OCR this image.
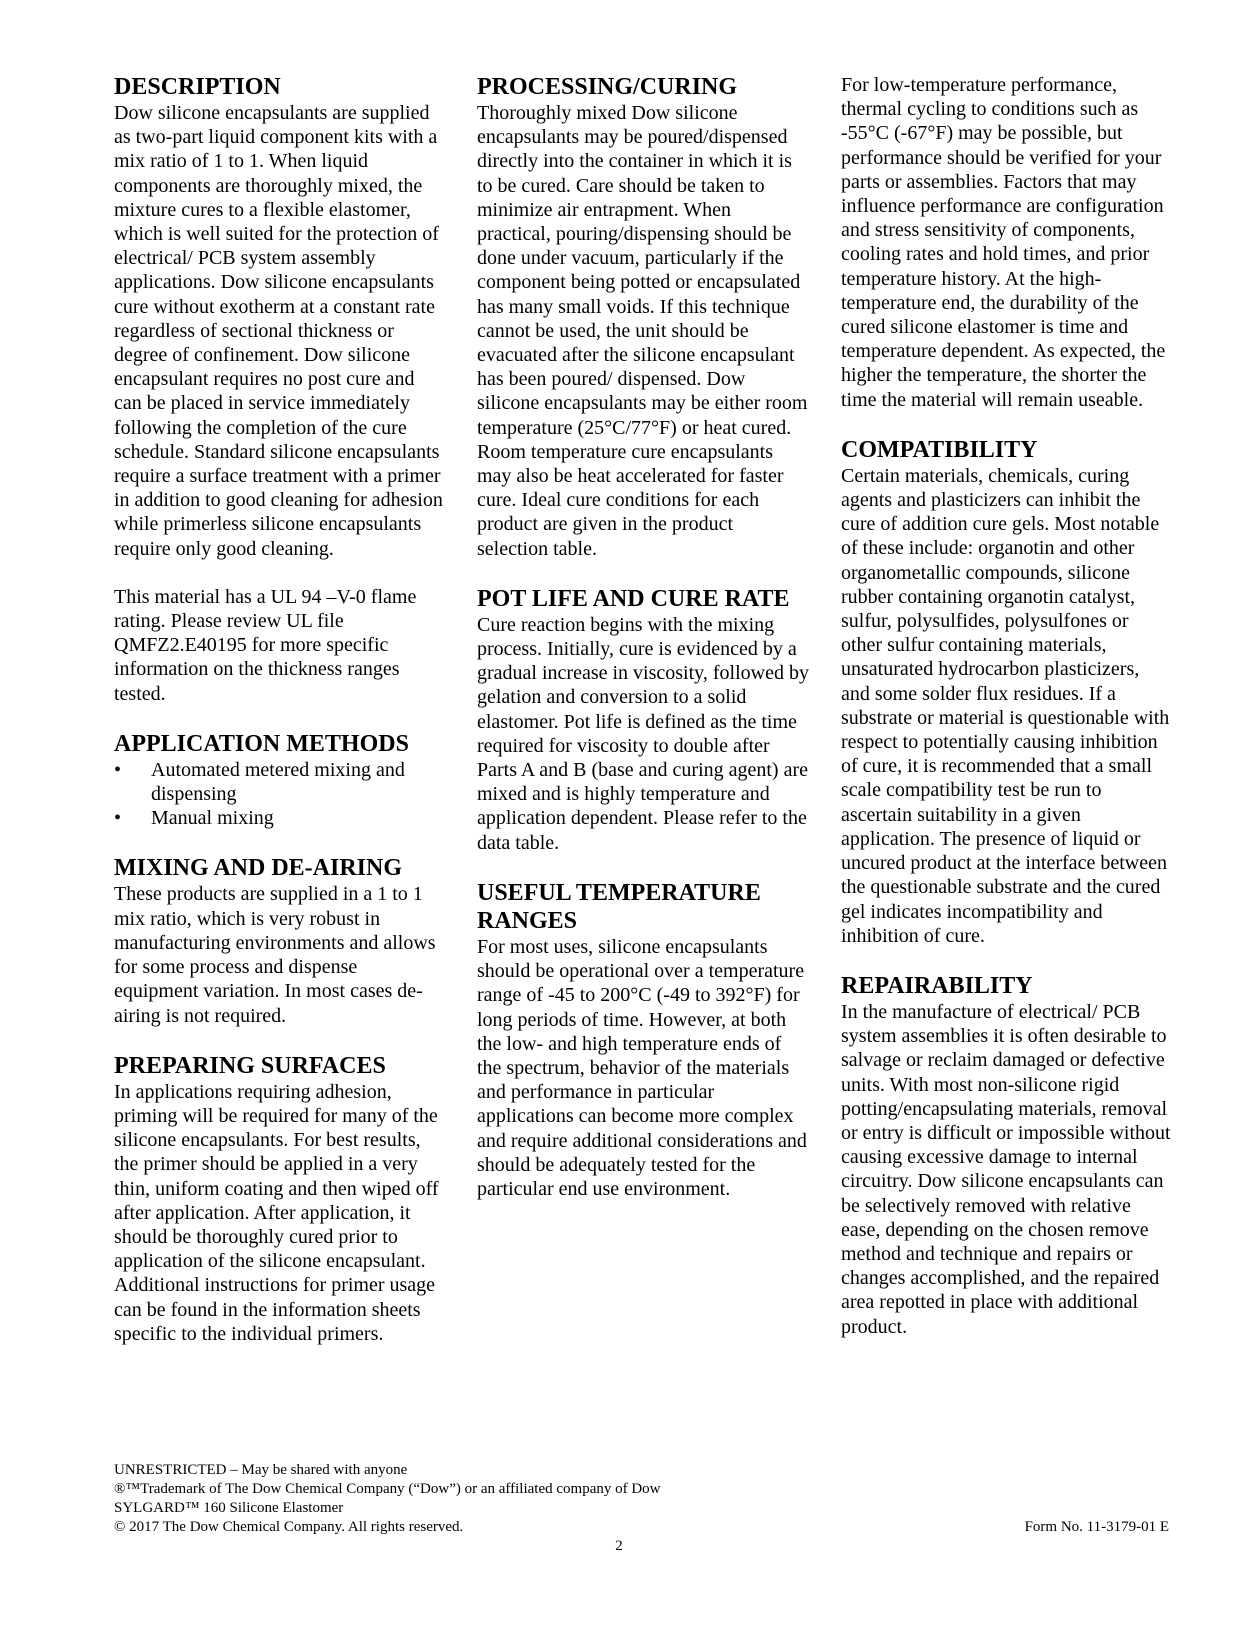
DESCRIPTION

Dow silicone encapsulants are supplied as two-part liquid component kits with a mix ratio of 1 to 1. When liquid components are thoroughly mixed, the mixture cures to a flexible elastomer, which is well suited for the protection of electrical/ PCB system assembly applications. Dow silicone encapsulants cure without exotherm at a constant rate regardless of sectional thickness or degree of confinement. Dow silicone encapsulant requires no post cure and can be placed in service immediately following the completion of the cure schedule. Standard silicone encapsulants require a surface treatment with a primer in addition to good cleaning for adhesion while primerless silicone encapsulants require only good cleaning.

This material has a UL 94 –V-0 flame rating. Please review UL file QMFZ2.E40195 for more specific information on the thickness ranges tested.

APPLICATION METHODS
• Automated metered mixing and dispensing
• Manual mixing
MIXING AND DE-AIRING

These products are supplied in a 1 to 1 mix ratio, which is very robust in manufacturing environments and allows for some process and dispense equipment variation. In most cases de-airing is not required.

PREPARING SURFACES

In applications requiring adhesion, priming will be required for many of the silicone encapsulants. For best results, the primer should be applied in a very thin, uniform coating and then wiped off after application. After application, it should be thoroughly cured prior to application of the silicone encapsulant. Additional instructions for primer usage can be found in the information sheets specific to the individual primers.

PROCESSING/CURING

Thoroughly mixed Dow silicone encapsulants may be poured/dispensed directly into the container in which it is to be cured. Care should be taken to minimize air entrapment. When practical, pouring/dispensing should be done under vacuum, particularly if the component being potted or encapsulated has many small voids. If this technique cannot be used, the unit should be evacuated after the silicone encapsulant has been poured/ dispensed. Dow silicone encapsulants may be either room temperature (25°C/77°F) or heat cured. Room temperature cure encapsulants may also be heat accelerated for faster cure. Ideal cure conditions for each product are given in the product selection table.

POT LIFE AND CURE RATE

Cure reaction begins with the mixing process. Initially, cure is evidenced by a gradual increase in viscosity, followed by gelation and conversion to a solid elastomer. Pot life is defined as the time required for viscosity to double after Parts A and B (base and curing agent) are mixed and is highly temperature and application dependent. Please refer to the data table.

USEFUL TEMPERATURE RANGES

For most uses, silicone encapsulants should be operational over a temperature range of -45 to 200°C (-49 to 392°F) for long periods of time. However, at both the low- and high temperature ends of the spectrum, behavior of the materials and performance in particular applications can become more complex and require additional considerations and should be adequately tested for the particular end use environment.

For low-temperature performance, thermal cycling to conditions such as -55°C (-67°F) may be possible, but performance should be verified for your parts or assemblies. Factors that may influence performance are configuration and stress sensitivity of components, cooling rates and hold times, and prior temperature history. At the high-temperature end, the durability of the cured silicone elastomer is time and temperature dependent. As expected, the higher the temperature, the shorter the time the material will remain useable.

COMPATIBILITY

Certain materials, chemicals, curing agents and plasticizers can inhibit the cure of addition cure gels. Most notable of these include: organotin and other organometallic compounds, silicone rubber containing organotin catalyst, sulfur, polysulfides, polysulfones or other sulfur containing materials, unsaturated hydrocarbon plasticizers, and some solder flux residues. If a substrate or material is questionable with respect to potentially causing inhibition of cure, it is recommended that a small scale compatibility test be run to ascertain suitability in a given application. The presence of liquid or uncured product at the interface between the questionable substrate and the cured gel indicates incompatibility and inhibition of cure.

REPAIRABILITY

In the manufacture of electrical/ PCB system assemblies it is often desirable to salvage or reclaim damaged or defective units. With most non-silicone rigid potting/encapsulating materials, removal or entry is difficult or impossible without causing excessive damage to internal circuitry. Dow silicone encapsulants can be selectively removed with relative ease, depending on the chosen remove method and technique and repairs or changes accomplished, and the repaired area repotted in place with additional product.

UNRESTRICTED – May be shared with anyone
®™Trademark of The Dow Chemical Company (“Dow”) or an affiliated company of Dow
SYLGARD™ 160 Silicone Elastomer
© 2017 The Dow Chemical Company. All rights reserved.	Form No. 11-3179-01 E
2
